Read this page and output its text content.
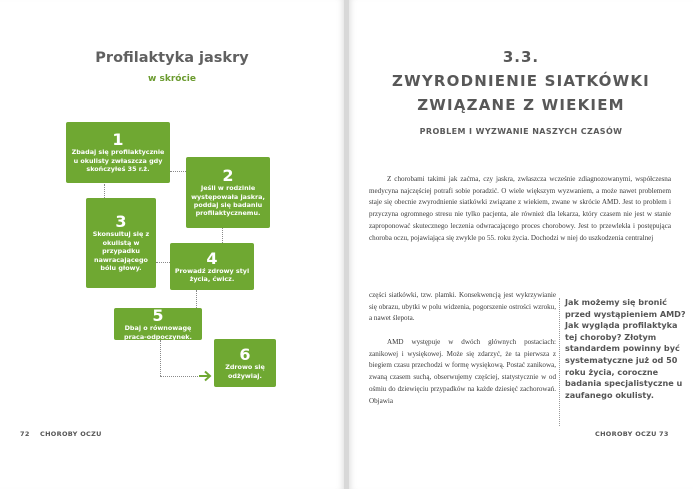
Profilaktyka jaskry
w skrócie
1
Zbadaj się profilaktycznie u okulisty zwłaszcza gdy skończyłeś 35 r.ż.	2
Jeśli w rodzinie występowała jaskra, poddaj się badaniu profilaktycznemu.
3
Skonsultuj się z okulistą w przypadku nawracającego bólu głowy.
4
Prowadź zdrowy styl życia, ćwicz.
5
Dbaj o równowagę praca-odpoczynek.
6
Zdrowo się odżywiaj.
72 CHOROBY OCZU
3.3.
ZWYRODNIENIE SIATKÓWKI
ZWIĄZANE Z WIEKIEM
PROBLEM I WYZWANIE NASZYCH CZASÓW
Z chorobami takimi jak zaćma, czy jaskra, zwłaszcza wcześnie zdiagnozowanymi, współczesna medycyna najczęściej potrafi sobie poradzić. O wiele większym wyzwaniem, a może nawet problemem staje się obecnie zwyrodnienie siatkówki związane z wiekiem, zwane w skrócie AMD. Jest to problem i przyczyna ogromnego stresu nie tylko pacjenta, ale również dla lekarza, który czasem nie jest w stanie zaproponować skutecznego leczenia odwracającego proces chorobowy. Jest to przewlekła i postępująca choroba oczu, pojawiająca się zwykle po 55. roku życia. Dochodzi w niej do uszkodzenia centralnej
części siatkówki, tzw. plamki. Konsekwencją jest wykrzywianie się obrazu, ubytki w polu widzenia, pogorszenie ostrości wzroku, a nawet ślepota.
AMD występuje w dwóch głównych postaciach: zanikowej i wysiękowej. Może się zdarzyć, że ta pierwsza z biegiem czasu przechodzi w formę wysiękową. Postać zanikowa, zwaną czasem suchą, obserwujemy częściej, statystycznie w od ośmiu do dziewięciu przypadków na każde dziesięć zachorowań. Objawia
Jak możemy się bronić przed wystąpieniem AMD? Jak wygląda profilaktyka tej choroby? Złotym standardem powinny być systematyczne już od 50 roku życia, coroczne badania specjalistyczne u zaufanego okulisty.
CHOROBY OCZU 73
